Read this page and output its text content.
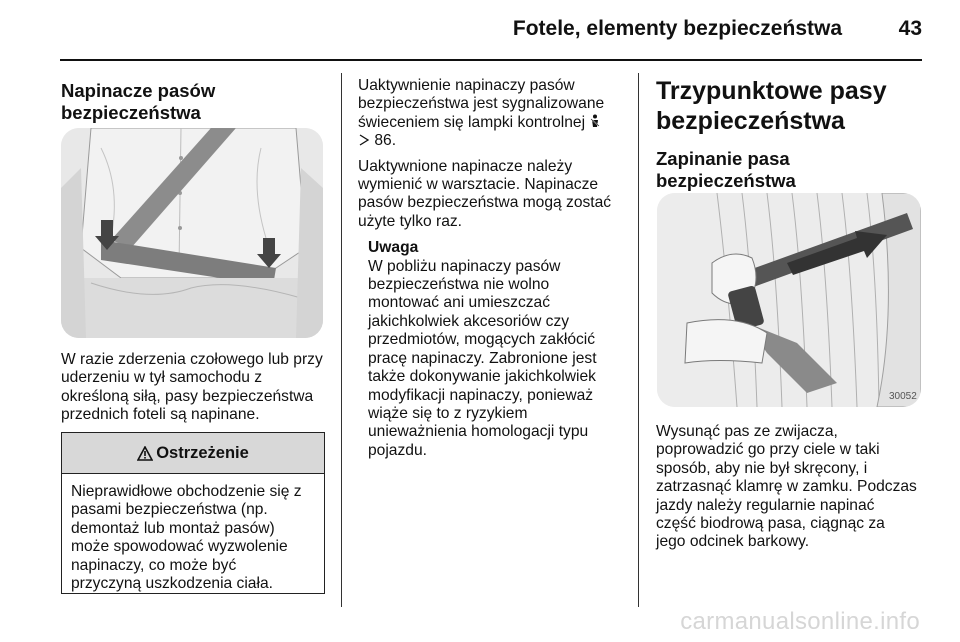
Fotele, elementy bezpieczeństwa	43

Napinacze pasów
bezpieczeństwa

W razie zderzenia czołowego lub przy
uderzeniu w tył samochodu z
określoną siłą, pasy bezpieczeństwa
przednich foteli są napinane.

Ostrzeżenie

Nieprawidłowe obchodzenie się z
pasami bezpieczeństwa (np.
demontaż lub montaż pasów)
może spowodować wyzwolenie
napinaczy, co może być
przyczyną uszkodzenia ciała.

Uaktywnienie napinaczy pasów
bezpieczeństwa jest sygnalizowane
świeceniem się lampki kontrolnej
86.

Uaktywnione napinacze należy
wymienić w warsztacie. Napinacze
pasów bezpieczeństwa mogą zostać
użyte tylko raz.

Uwaga

W pobliżu napinaczy pasów
bezpieczeństwa nie wolno
montować ani umieszczać
jakichkolwiek akcesoriów czy
przedmiotów, mogących zakłócić
pracę napinaczy. Zabronione jest
także dokonywanie jakichkolwiek
modyfikacji napinaczy, ponieważ
wiąże się to z ryzykiem
unieważnienia homologacji typu
pojazdu.

Trzypunktowe pasy
bezpieczeństwa

Zapinanie pasa
bezpieczeństwa

30052

Wysunąć pas ze zwijacza,
poprowadzić go przy ciele w taki
sposób, aby nie był skręcony, i
zatrzasnąć klamrę w zamku. Podczas
jazdy należy regularnie napinać
część biodrową pasa, ciągnąc za
jego odcinek barkowy.

carmanualsonline.info
